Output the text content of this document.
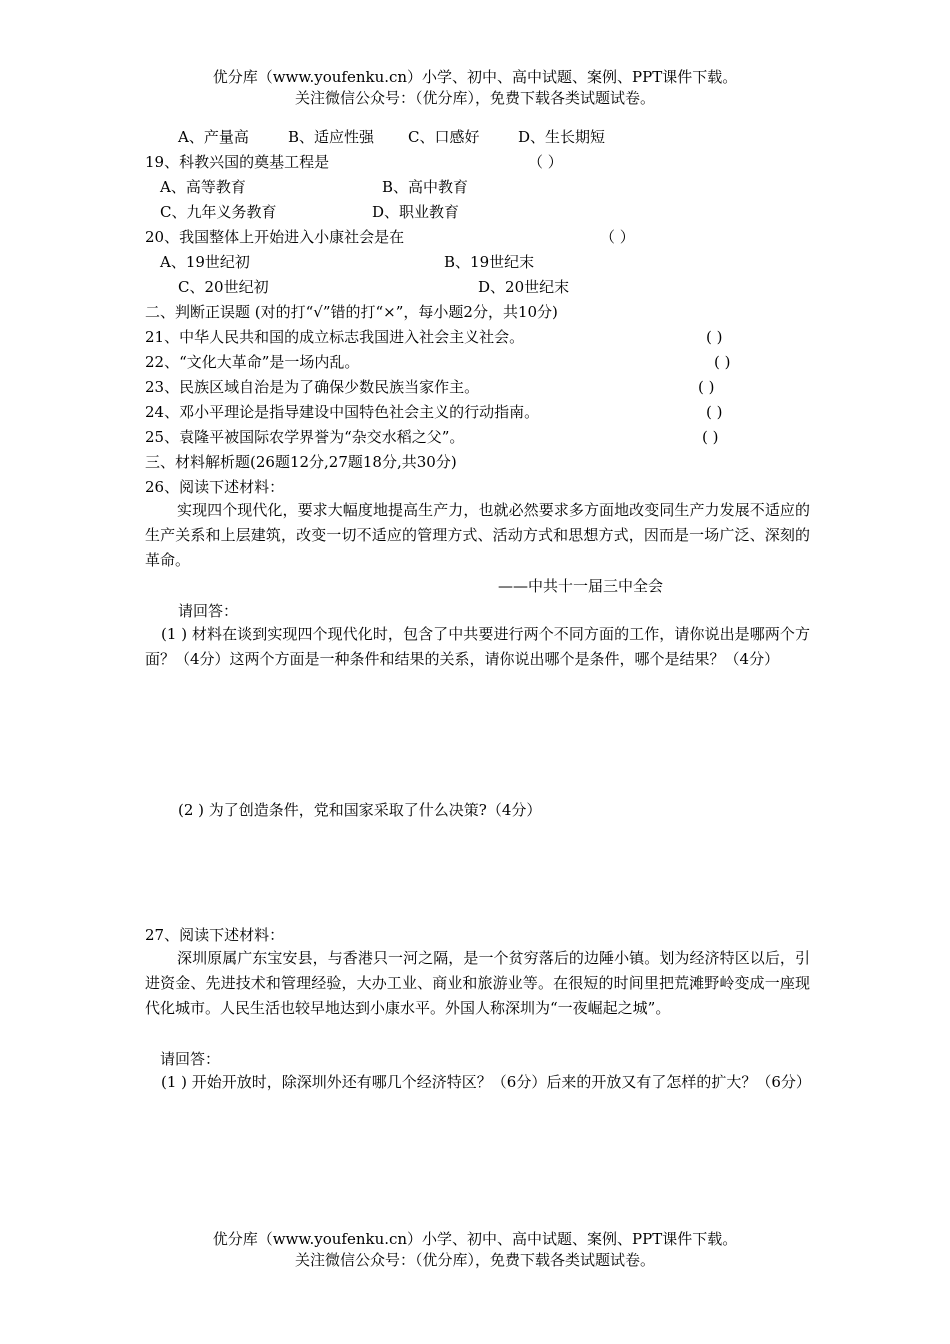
优分库（www.youfenku.cn）小学、初中、高中试题、案例、PPT课件下载。
关注微信公众号：（优分库），免费下载各类试题试卷。
A、产量高	B、适应性强 C、口感好	D、生长期短
19、科教兴国的奠基工程是	（ ）
A、高等教育	B、高中教育
C、九年义务教育	D、职业教育
20、我国整体上开始进入小康社会是在	（ ）
A、19世纪初	B、19世纪末
C、20世纪初	D、20世纪末
二、判断正误题 (对的打“√”错的打“×”，每小题2分，共10分)
21、中华人民共和国的成立标志我国进入社会主义社会。	( )
22、“文化大革命”是一场内乱。	( )
23、民族区域自治是为了确保少数民族当家作主。	( )
24、邓小平理论是指导建设中国特色社会主义的行动指南。	( )
25、袁隆平被国际农学界誉为“杂交水稻之父”。	( )
三、材料解析题(26题12分,27题18分,共30分)
26、阅读下述材料：
实现四个现代化，要求大幅度地提高生产力，也就必然要求多方面地改变同生产力发展不适应的生产关系和上层建筑，改变一切不适应的管理方式、活动方式和思想方式，因而是一场广泛、深刻的革命。
——中共十一届三中全会
请回答：
(1 ) 材料在谈到实现四个现代化时，包含了中共要进行两个不同方面的工作，请你说出是哪两个方面？（4分）这两个方面是一种条件和结果的关系，请你说出哪个是条件，哪个是结果？（4分）
(2 ) 为了创造条件，党和国家采取了什么决策?（4分）
27、阅读下述材料：
深圳原属广东宝安县，与香港只一河之隔，是一个贫穷落后的边陲小镇。划为经济特区以后，引进资金、先进技术和管理经验，大办工业、商业和旅游业等。在很短的时间里把荒滩野岭变成一座现代化城市。人民生活也较早地达到小康水平。外国人称深圳为“一夜崛起之城”。
请回答：
(1 ) 开始开放时，除深圳外还有哪几个经济特区？（6分）后来的开放又有了怎样的扩大？（6分）
优分库（www.youfenku.cn）小学、初中、高中试题、案例、PPT课件下载。
关注微信公众号：（优分库），免费下载各类试题试卷。
